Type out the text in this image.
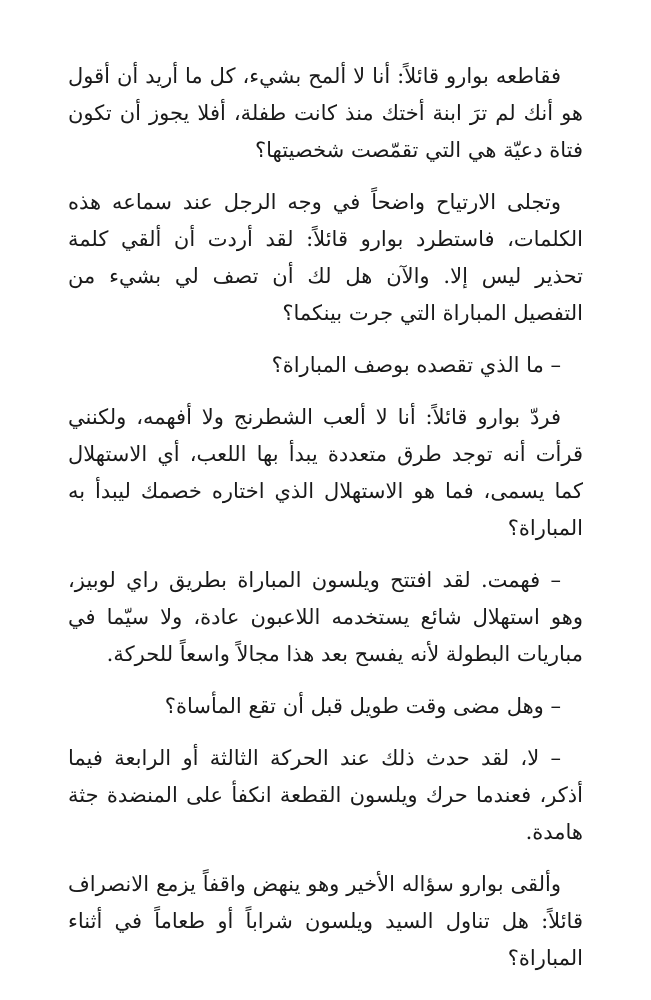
فقاطعه بوارو قائلاً: أنا لا ألمح بشيء، كل ما أريد أن أقول هو أنك لم ترَ ابنة أختك منذ كانت طفلة، أفلا يجوز أن تكون فتاة دعيّة هي التي تقمّصت شخصيتها؟

وتجلى الارتياح واضحاً في وجه الرجل عند سماعه هذه الكلمات، فاستطرد بوارو قائلاً: لقد أردت أن ألقي كلمة تحذير ليس إلا. والآن هل لك أن تصف لي بشيء من التفصيل المباراة التي جرت بينكما؟

– ما الذي تقصده بوصف المباراة؟

فردّ بوارو قائلاً: أنا لا ألعب الشطرنج ولا أفهمه، ولكنني قرأت أنه توجد طرق متعددة يبدأ بها اللعب، أي الاستهلال كما يسمى، فما هو الاستهلال الذي اختاره خصمك ليبدأ به المباراة؟

– فهمت. لقد افتتح ويلسون المباراة بطريق راي لوبيز، وهو استهلال شائع يستخدمه اللاعبون عادة، ولا سيّما في مباريات البطولة لأنه يفسح بعد هذا مجالاً واسعاً للحركة.

– وهل مضى وقت طويل قبل أن تقع المأساة؟

– لا، لقد حدث ذلك عند الحركة الثالثة أو الرابعة فيما أذكر، فعندما حرك ويلسون القطعة انكفأ على المنضدة جثة هامدة.

وألقى بوارو سؤاله الأخير وهو ينهض واقفاً يزمع الانصراف قائلاً: هل تناول السيد ويلسون شراباً أو طعاماً في أثناء المباراة؟
